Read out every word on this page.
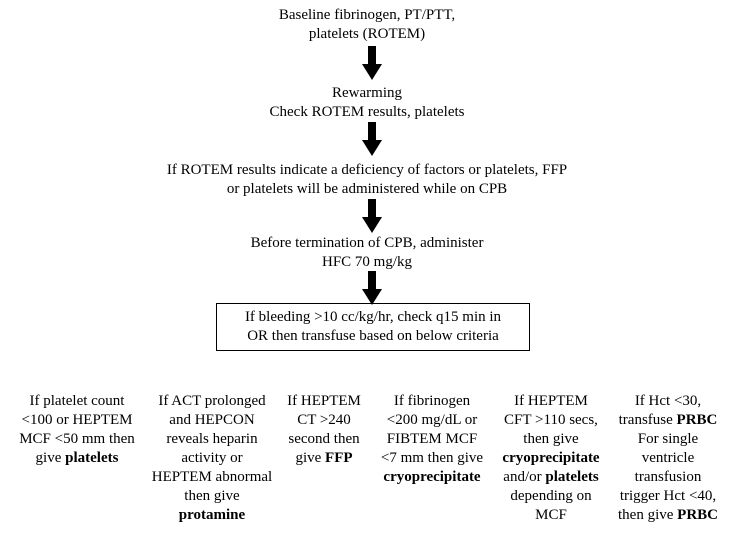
Baseline fibrinogen, PT/PTT,
platelets (ROTEM)
Rewarming
Check ROTEM results, platelets
If ROTEM results indicate a deficiency of factors or platelets, FFP
or platelets will be administered while on CPB
Before termination of CPB, administer
HFC 70 mg/kg
If bleeding >10 cc/kg/hr, check q15 min in
OR then transfuse based on below criteria
If platelet count
<100 or HEPTEM
MCF <50 mm then
give platelets
If ACT prolonged
and HEPCON
reveals heparin
activity or
HEPTEM abnormal
then give
protamine
If HEPTEM
CT >240
second then
give FFP
If fibrinogen
<200 mg/dL or
FIBTEM MCF
<7 mm then give
cryoprecipitate
If HEPTEM
CFT >110 secs,
then give
cryoprecipitate
and/or platelets
depending on
MCF
If Hct <30,
transfuse PRBC
For single
ventricle
transfusion
trigger Hct <40,
then give PRBC
